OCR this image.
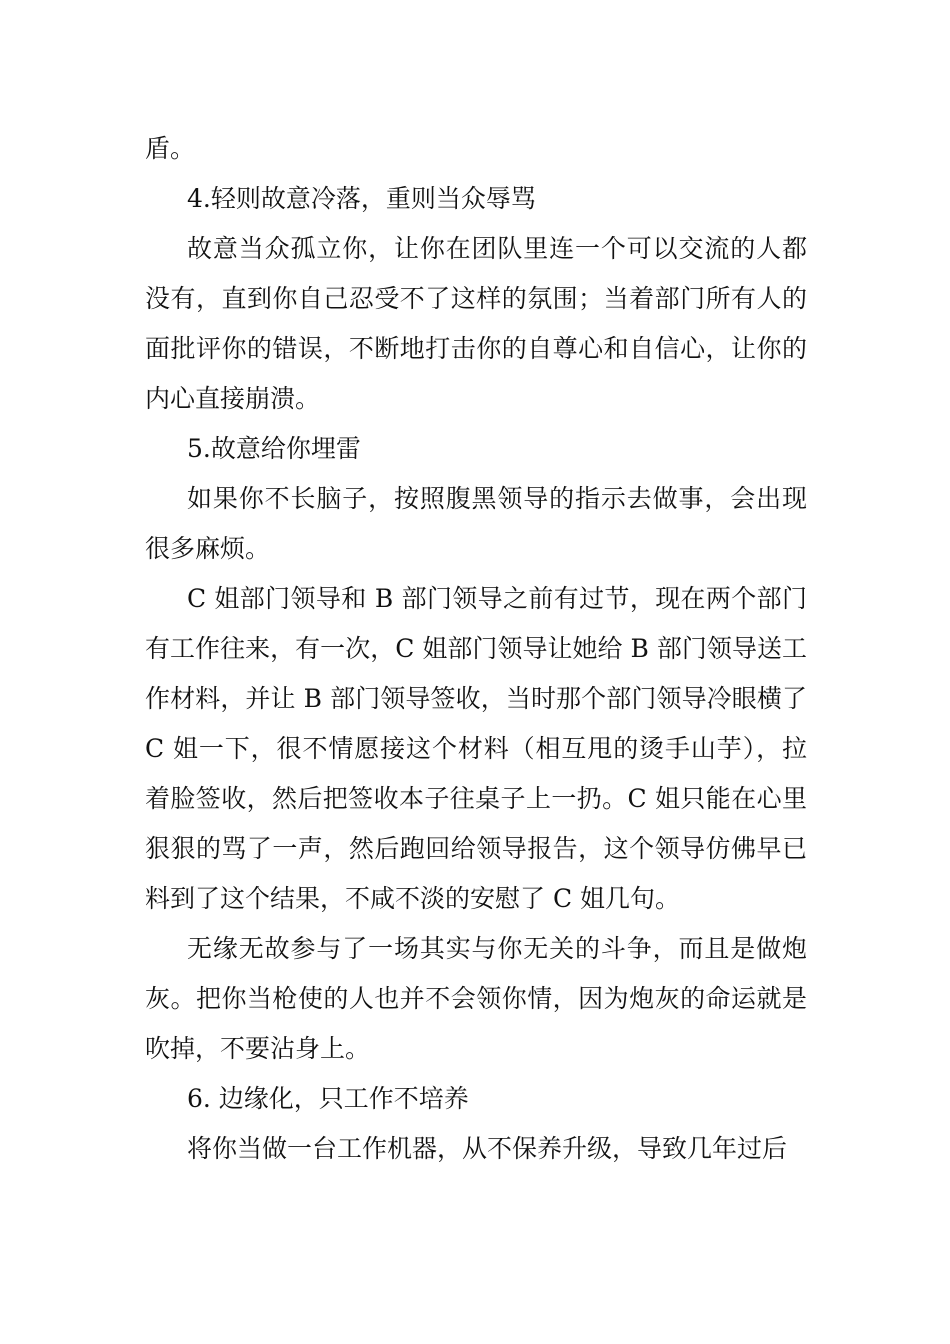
盾。

4.轻则故意冷落，重则当众辱骂

故意当众孤立你，让你在团队里连一个可以交流的人都没有，直到你自己忍受不了这样的氛围；当着部门所有人的面批评你的错误，不断地打击你的自尊心和自信心，让你的内心直接崩溃。

5.故意给你埋雷

如果你不长脑子，按照腹黑领导的指示去做事，会出现很多麻烦。

C 姐部门领导和 B 部门领导之前有过节，现在两个部门有工作往来，有一次，C 姐部门领导让她给 B 部门领导送工作材料，并让 B 部门领导签收，当时那个部门领导冷眼横了 C 姐一下，很不情愿接这个材料（相互甩的烫手山芋），拉着脸签收，然后把签收本子往桌子上一扔。C 姐只能在心里狠狠的骂了一声，然后跑回给领导报告，这个领导仿佛早已料到了这个结果，不咸不淡的安慰了 C 姐几句。

无缘无故参与了一场其实与你无关的斗争，而且是做炮灰。把你当枪使的人也并不会领你情，因为炮灰的命运就是吹掉，不要沾身上。

6. 边缘化，只工作不培养

将你当做一台工作机器，从不保养升级，导致几年过后
